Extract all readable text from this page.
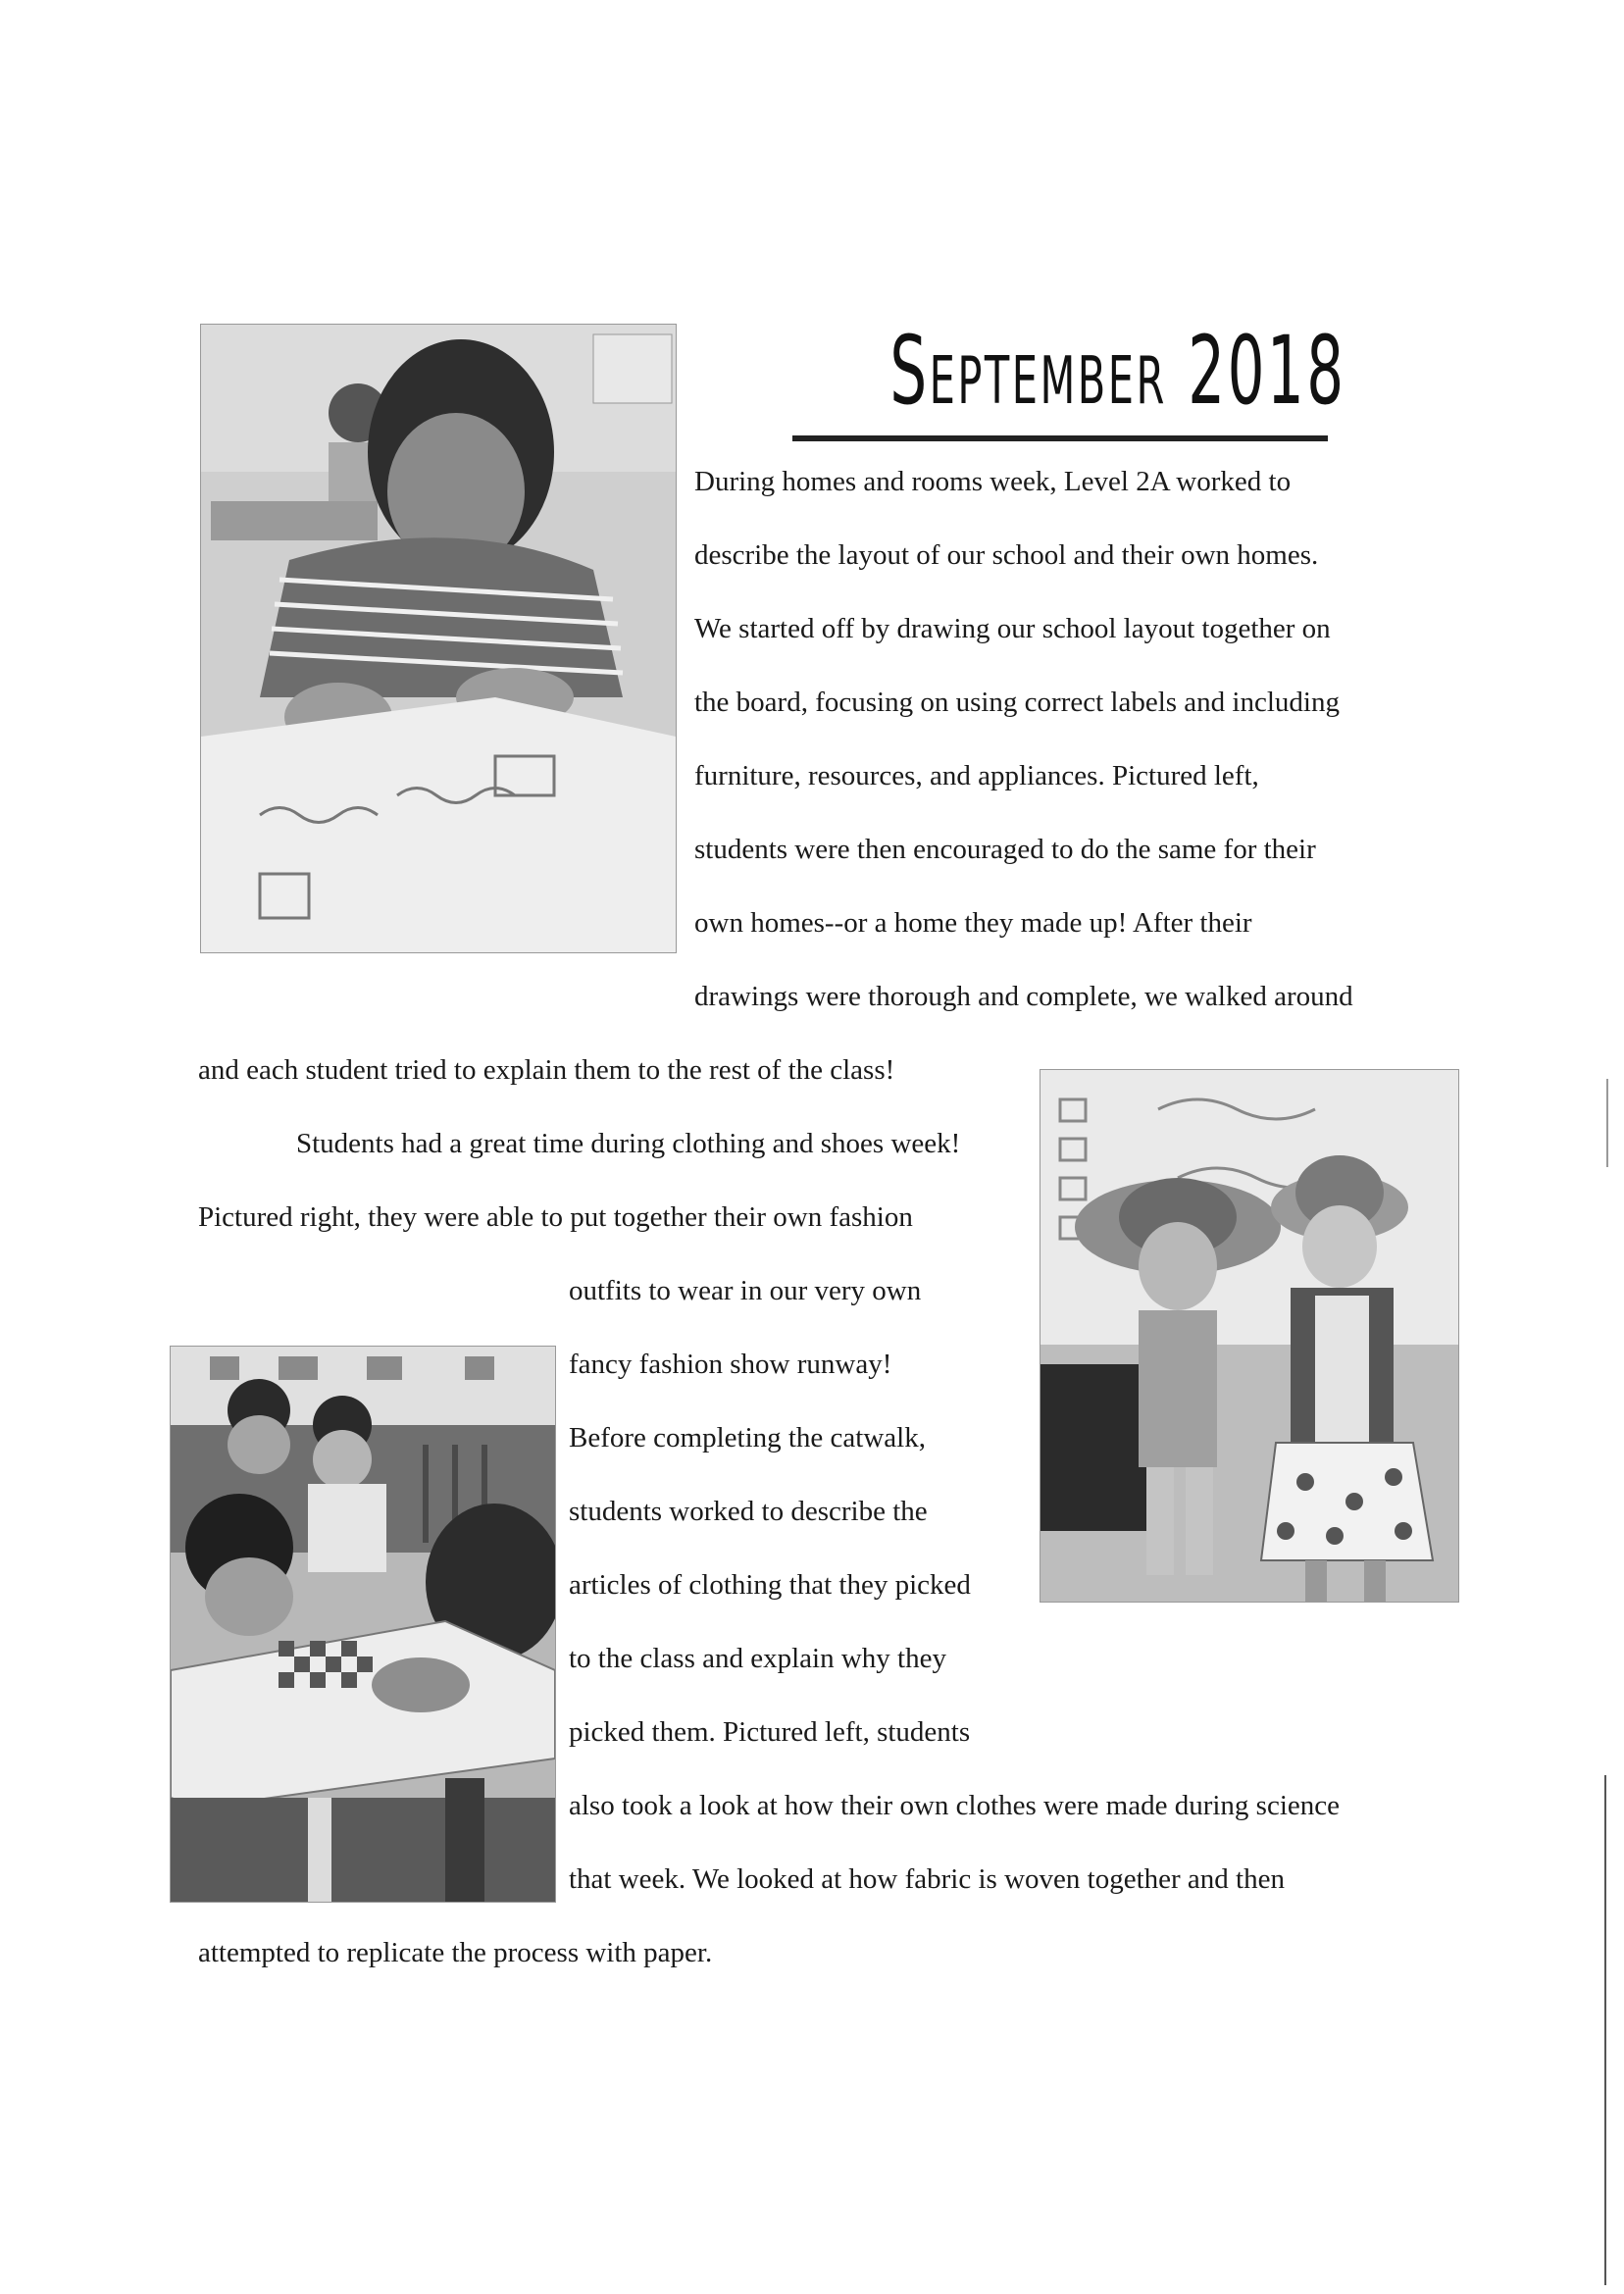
September 2018
During homes and rooms week, Level 2A worked to
describe the layout of our school and their own homes.
We started off by drawing our school layout together on
the board, focusing on using correct labels and including
furniture, resources, and appliances. Pictured left,
students were then encouraged to do the same for their
own homes--or a home they made up! After their
drawings were thorough and complete, we walked around
and each student tried to explain them to the rest of the class!
Students had a great time during clothing and shoes week!
Pictured right, they were able to put together their own fashion
outfits to wear in our very own
fancy fashion show runway!
Before completing the catwalk,
students worked to describe the
articles of clothing that they picked
to the class and explain why they
picked them. Pictured left, students
also took a look at how their own clothes were made during science
that week. We looked at how fabric is woven together and then
attempted to replicate the process with paper.
